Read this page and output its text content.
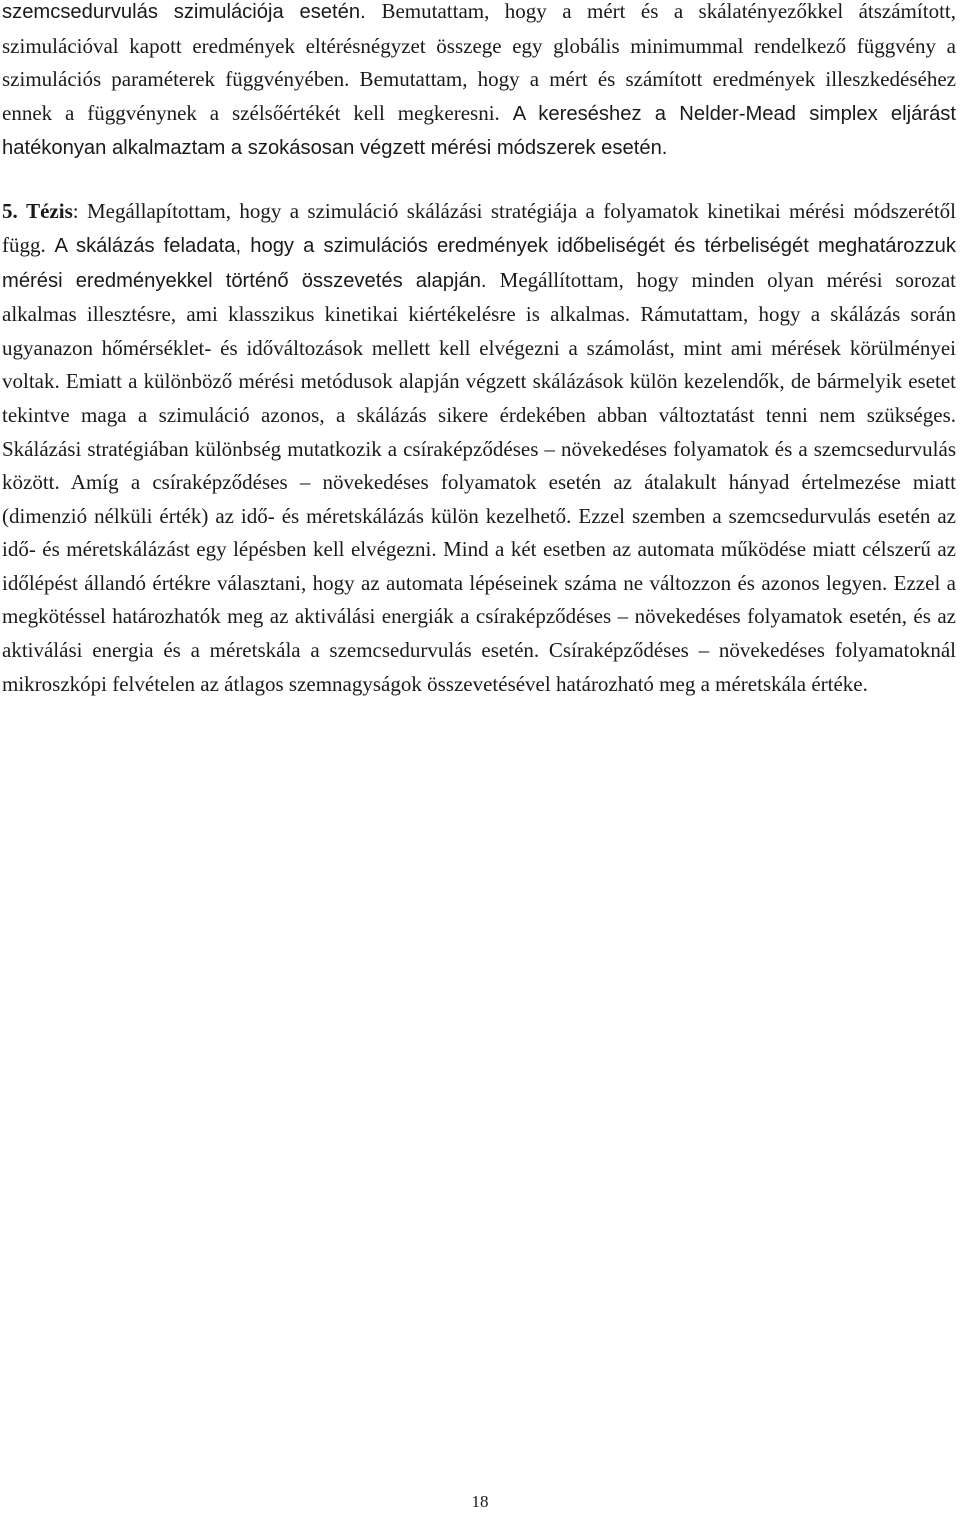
szemcsedurvulás szimulációja esetén. Bemutattam, hogy a mért és a skálatényezőkkel átszámított, szimulációval kapott eredmények eltérésnégyzet összege egy globális minimummal rendelkező függvény a szimulációs paraméterek függvényében. Bemutattam, hogy a mért és számított eredmények illeszkedéséhez ennek a függvénynek a szélsőértékét kell megkeresni. A kereséshez a Nelder-Mead simplex eljárást hatékonyan alkalmaztam a szokásosan végzett mérési módszerek esetén.

5. Tézis: Megállapítottam, hogy a szimuláció skálázási stratégiája a folyamatok kinetikai mérési módszerétől függ. A skálázás feladata, hogy a szimulációs eredmények időbeliségét és térbeliségét meghatározzuk mérési eredményekkel történő összevetés alapján. Megállítottam, hogy minden olyan mérési sorozat alkalmas illesztésre, ami klasszikus kinetikai kiértékelésre is alkalmas. Rámutattam, hogy a skálázás során ugyanazon hőmérséklet- és időváltozások mellett kell elvégezni a számolást, mint ami mérések körülményei voltak. Emiatt a különböző mérési metódusok alapján végzett skálázások külön kezelendők, de bármelyik esetet tekintve maga a szimuláció azonos, a skálázás sikere érdekében abban változtatást tenni nem szükséges. Skálázási stratégiában különbség mutatkozik a csíraképződéses – növekedéses folyamatok és a szemcsedurvulás között. Amíg a csíraképződéses – növekedéses folyamatok esetén az átalakult hányad értelmezése miatt (dimenzió nélküli érték) az idő- és méretskálázás külön kezelhető. Ezzel szemben a szemcsedurvulás esetén az idő- és méretskálázást egy lépésben kell elvégezni. Mind a két esetben az automata működése miatt célszerű az időlépést állandó értékre választani, hogy az automata lépéseinek száma ne változzon és azonos legyen. Ezzel a megkötéssel határozhatók meg az aktiválási energiák a csíraképződéses – növekedéses folyamatok esetén, és az aktiválási energia és a méretskála a szemcsedurvulás esetén. Csíraképződéses – növekedéses folyamatoknál mikroszkópi felvételen az átlagos szemnagyságok összevetésével határozható meg a méretskála értéke.

18
